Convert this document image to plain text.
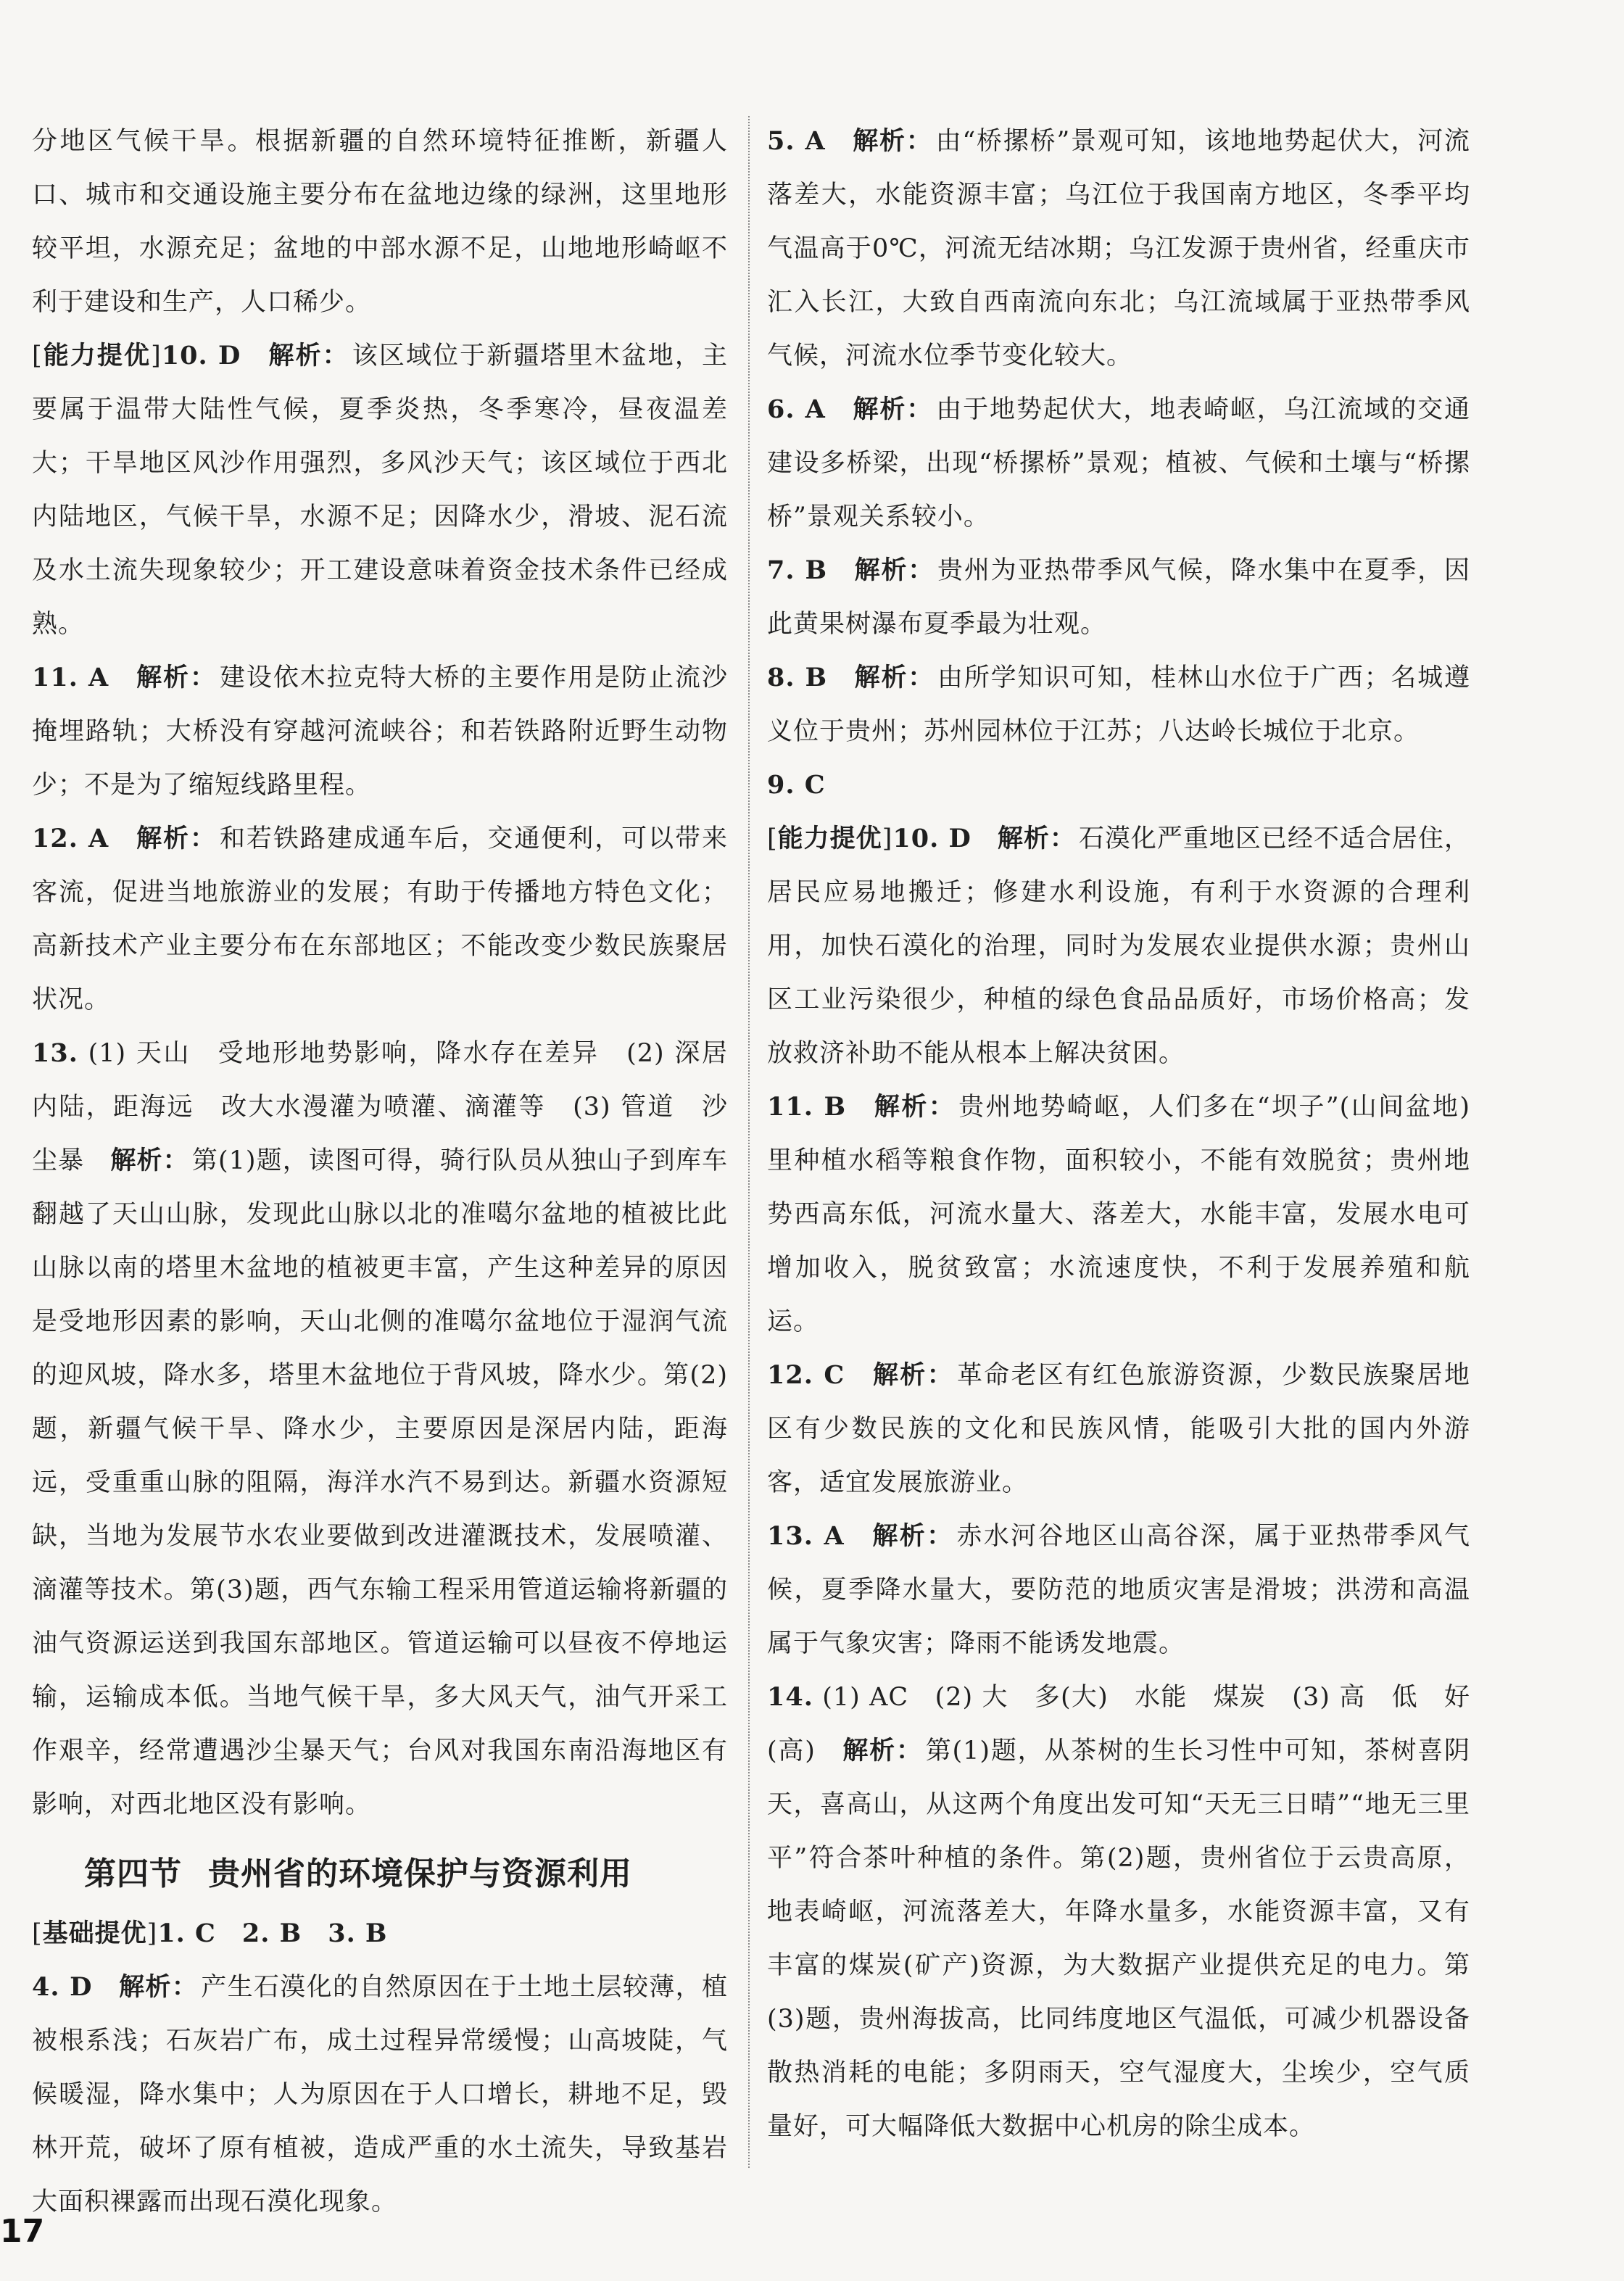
分地区气候干旱。根据新疆的自然环境特征推断，新疆人口、城市和交通设施主要分布在盆地边缘的绿洲，这里地形较平坦，水源充足；盆地的中部水源不足，山地地形崎岖不利于建设和生产，人口稀少。

[ 能力提优 ] 10. D　 解析： 该区域位于新疆塔里木盆地，主要属于温带大陆性气候，夏季炎热，冬季寒冷，昼夜温差大；干旱地区风沙作用强烈，多风沙天气；该区域位于西北内陆地区，气候干旱，水源不足；因降水少，滑坡、泥石流及水土流失现象较少；开工建设意味着资金技术条件已经成熟。

11. A　 解析： 建设依木拉克特大桥的主要作用是防止流沙掩埋路轨；大桥没有穿越河流峡谷；和若铁路附近野生动物少；不是为了缩短线路里程。

12. A　 解析： 和若铁路建成通车后，交通便利，可以带来客流，促进当地旅游业的发展；有助于传播地方特色文化；高新技术产业主要分布在东部地区；不能改变少数民族聚居状况。

13. (1) 天山　受地形地势影响，降水存在差异　(2) 深居内陆，距海远　改大水漫灌为喷灌、滴灌等　(3) 管道　沙尘暴　解析： 第(1)题，读图可得，骑行队员从独山子到库车翻越了天山山脉，发现此山脉以北的准噶尔盆地的植被比此山脉以南的塔里木盆地的植被更丰富，产生这种差异的原因是受地形因素的影响，天山北侧的准噶尔盆地位于湿润气流的迎风坡，降水多，塔里木盆地位于背风坡，降水少。第(2)题，新疆气候干旱、降水少，主要原因是深居内陆，距海远，受重重山脉的阻隔，海洋水汽不易到达。新疆水资源短缺，当地为发展节水农业要做到改进灌溉技术，发展喷灌、滴灌等技术。第(3)题，西气东输工程采用管道运输将新疆的油气资源运送到我国东部地区。管道运输可以昼夜不停地运输，运输成本低。当地气候干旱，多大风天气，油气开采工作艰辛，经常遭遇沙尘暴天气；台风对我国东南沿海地区有影响，对西北地区没有影响。

第四节 贵州省的环境保护与资源利用

[ 基础提优 ] 1. C　2. B　3. B

4. D　 解析： 产生石漠化的自然原因在于土地土层较薄，植被根系浅；石灰岩广布，成土过程异常缓慢；山高坡陡，气候暖湿，降水集中；人为原因在于人口增长，耕地不足，毁林开荒，破坏了原有植被，造成严重的水土流失，导致基岩大面积裸露而出现石漠化现象。

5. A　 解析： 由“桥摞桥”景观可知，该地地势起伏大，河流落差大，水能资源丰富；乌江位于我国南方地区，冬季平均气温高于0℃，河流无结冰期；乌江发源于贵州省，经重庆市汇入长江，大致自西南流向东北；乌江流域属于亚热带季风气候，河流水位季节变化较大。

6. A　 解析： 由于地势起伏大，地表崎岖，乌江流域的交通建设多桥梁，出现“桥摞桥”景观；植被、气候和土壤与“桥摞桥”景观关系较小。

7. B　 解析： 贵州为亚热带季风气候，降水集中在夏季，因此黄果树瀑布夏季最为壮观。

8. B　 解析： 由所学知识可知，桂林山水位于广西；名城遵义位于贵州；苏州园林位于江苏；八达岭长城位于北京。

9. C

[ 能力提优 ] 10. D　 解析： 石漠化严重地区已经不适合居住，居民应易地搬迁；修建水利设施，有利于水资源的合理利用，加快石漠化的治理，同时为发展农业提供水源；贵州山区工业污染很少，种植的绿色食品品质好，市场价格高；发放救济补助不能从根本上解决贫困。

11. B　 解析： 贵州地势崎岖，人们多在“坝子”(山间盆地)里种植水稻等粮食作物，面积较小，不能有效脱贫；贵州地势西高东低，河流水量大、落差大，水能丰富，发展水电可增加收入，脱贫致富；水流速度快，不利于发展养殖和航运。

12. C　 解析： 革命老区有红色旅游资源，少数民族聚居地区有少数民族的文化和民族风情，能吸引大批的国内外游客，适宜发展旅游业。

13. A　 解析： 赤水河谷地区山高谷深，属于亚热带季风气候，夏季降水量大，要防范的地质灾害是滑坡；洪涝和高温属于气象灾害；降雨不能诱发地震。

14. (1) AC　(2) 大　多(大)　水能　煤炭　(3) 高　低　好(高)　解析： 第(1)题，从茶树的生长习性中可知，茶树喜阴天，喜高山，从这两个角度出发可知“天无三日晴”“地无三里平”符合茶叶种植的条件。第(2)题，贵州省位于云贵高原，地表崎岖，河流落差大，年降水量多，水能资源丰富，又有丰富的煤炭(矿产)资源，为大数据产业提供充足的电力。第(3)题，贵州海拔高，比同纬度地区气温低，可减少机器设备散热消耗的电能；多阴雨天，空气湿度大，尘埃少，空气质量好，可大幅降低大数据中心机房的除尘成本。

17
